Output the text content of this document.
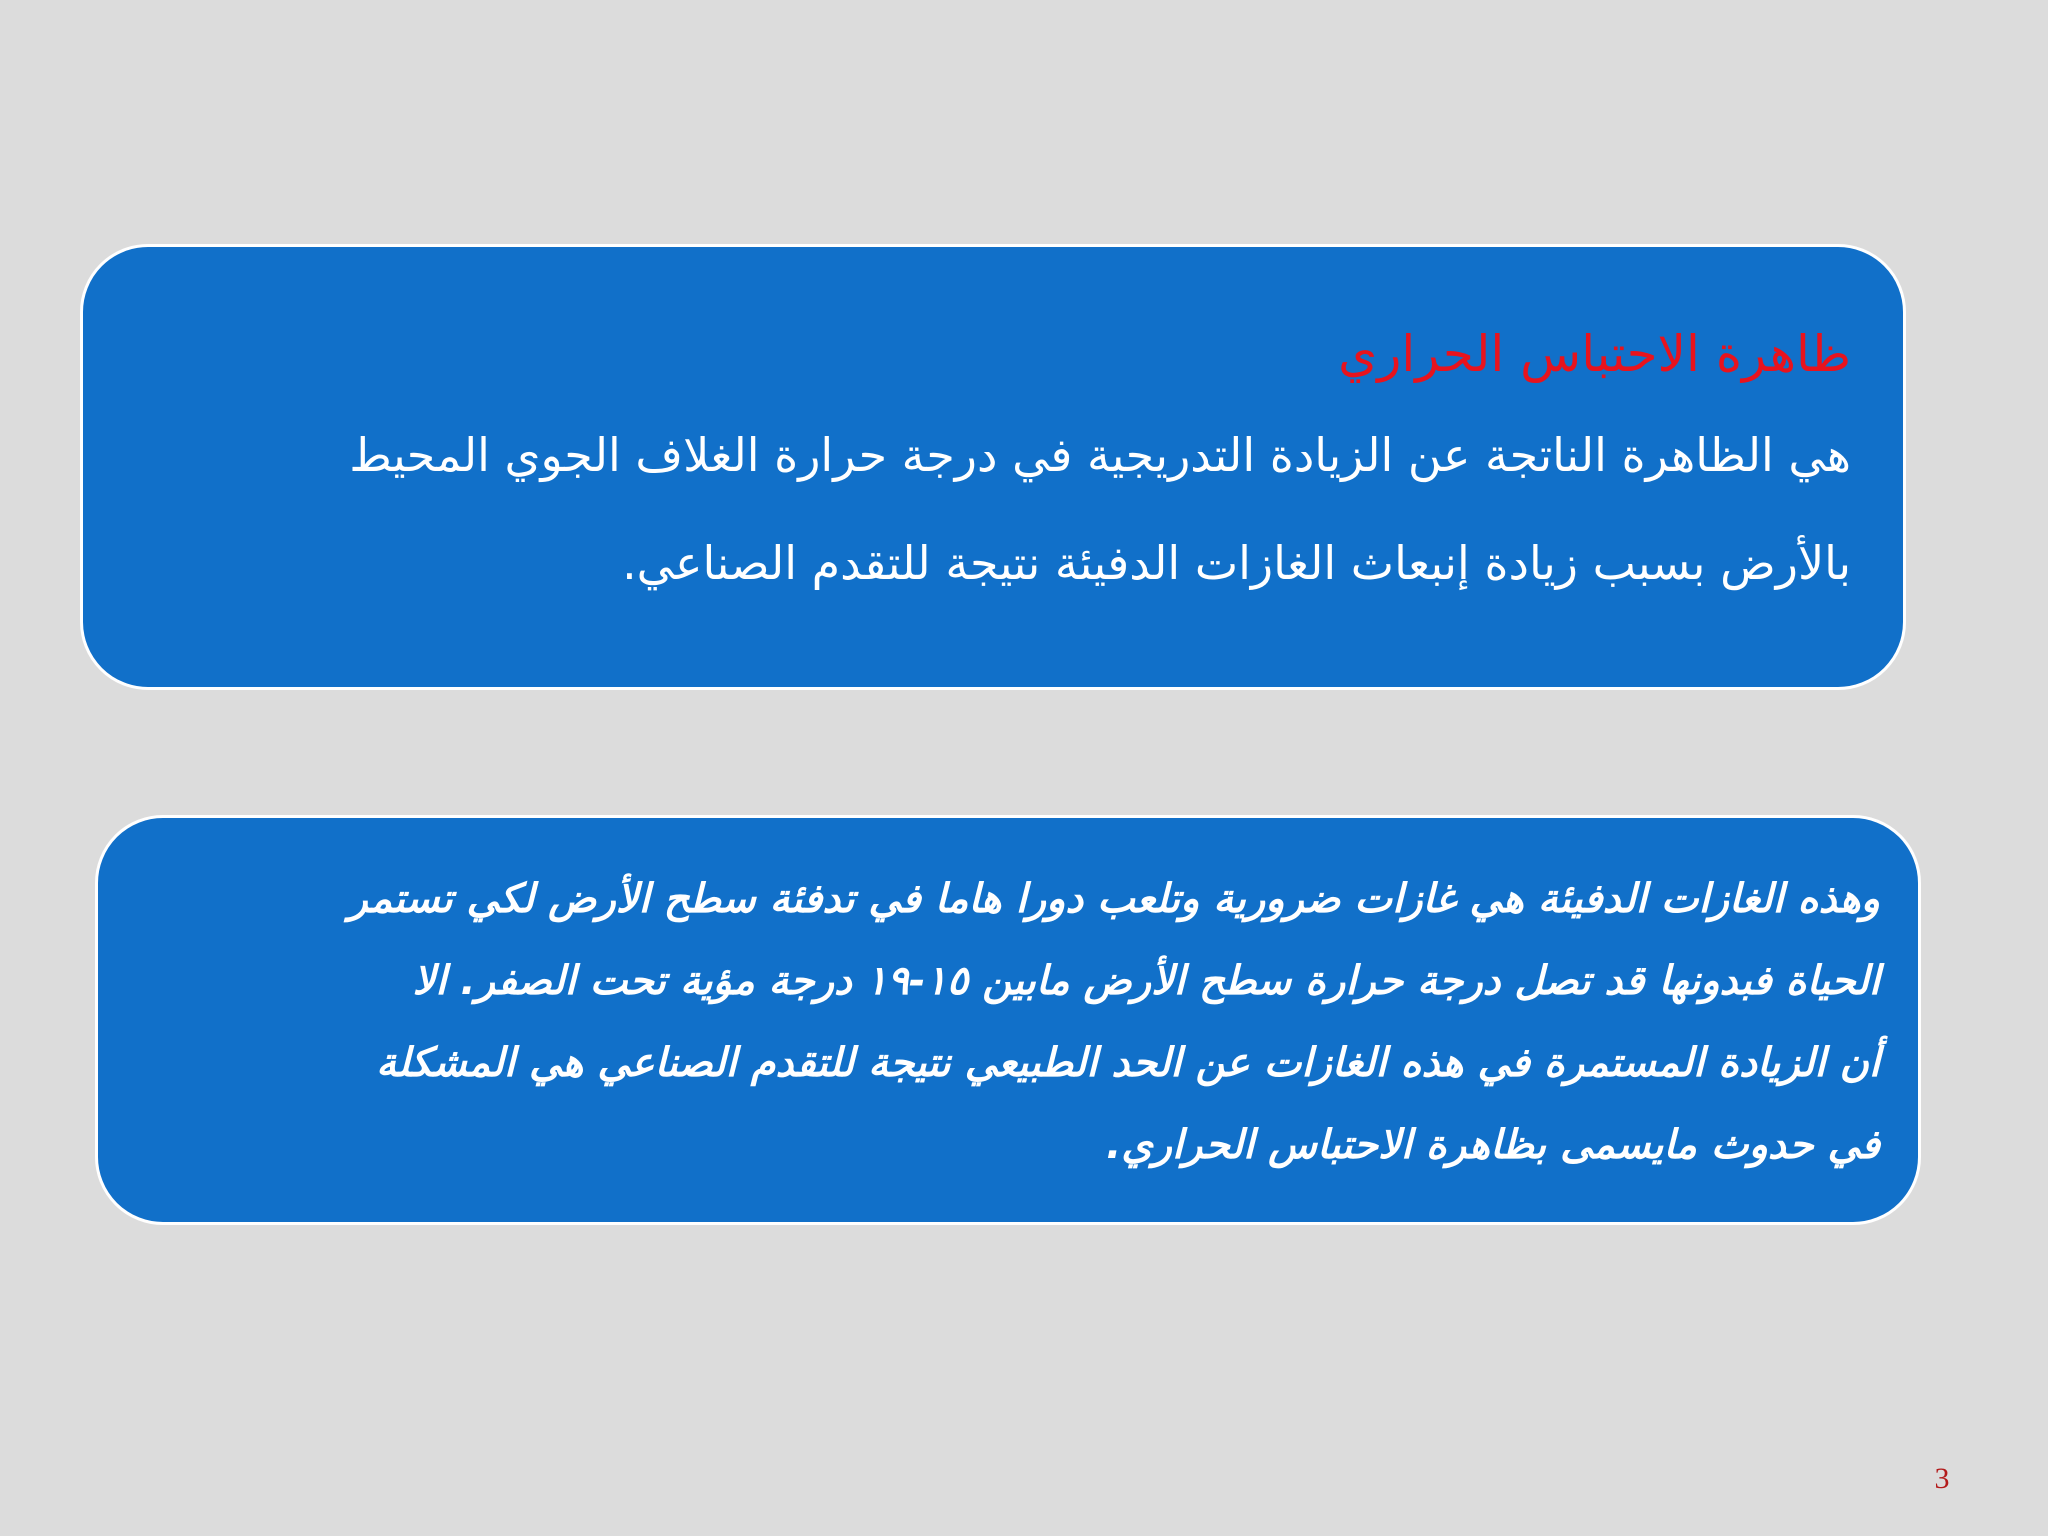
ظاهرة الاحتباس الحراري

هي الظاهرة الناتجة عن الزيادة التدريجية في درجة حرارة الغلاف الجوي المحيط

بالأرض بسبب زيادة إنبعاث الغازات الدفيئة نتيجة للتقدم الصناعي.

وهذه الغازات الدفيئة هي غازات ضرورية وتلعب دورا هاما في تدفئة سطح الأرض لكي تستمر

الحياة فبدونها قد تصل درجة حرارة سطح الأرض مابين ١٥-١٩ درجة مؤية تحت الصفر. الا

أن الزيادة المستمرة في هذه الغازات عن الحد الطبيعي نتيجة للتقدم الصناعي هي المشكلة

في حدوث مايسمى بظاهرة الاحتباس الحراري.

3
